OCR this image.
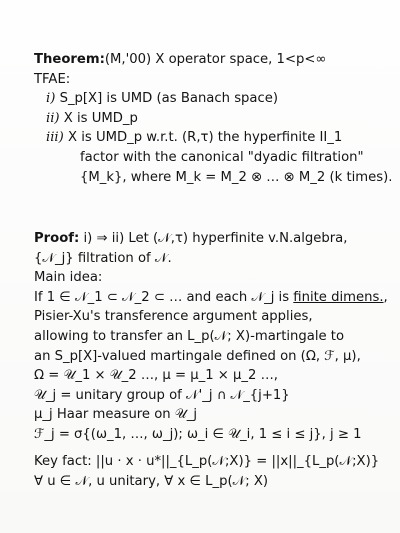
Theorem:(M,'00) X operator space, 1<p<∞
TFAE:
i) S_p[X] is UMD (as Banach space)
ii) X is UMD_p
iii) X is UMD_p w.r.t. (R,τ) the hyperfinite II_1
factor with the canonical "dyadic filtration"
{M_k}, where M_k = M_2 ⊗ … ⊗ M_2 (k times).
Proof: i) ⇒ ii) Let (𝒩,τ) hyperfinite v.N.algebra,
{𝒩_j} filtration of 𝒩.
Main idea:
If 1 ∈ 𝒩_1 ⊂ 𝒩_2 ⊂ … and each 𝒩_j is finite dimens.,
Pisier-Xu's transference argument applies,
allowing to transfer an L_p(𝒩; X)-martingale to
an S_p[X]-valued martingale defined on (Ω, ℱ, μ),
Ω = 𝒰_1 × 𝒰_2 …, μ = μ_1 × μ_2 …,
𝒰_j = unitary group of 𝒩'_j ∩ 𝒩_{j+1}
μ_j Haar measure on 𝒰_j
ℱ_j = σ{(ω_1, …, ω_j); ω_i ∈ 𝒰_i, 1 ≤ i ≤ j}, j ≥ 1
Key fact: ||u · x · u*||_{L_p(𝒩;X)} = ||x||_{L_p(𝒩;X)}
∀ u ∈ 𝒩, u unitary, ∀ x ∈ L_p(𝒩; X)
